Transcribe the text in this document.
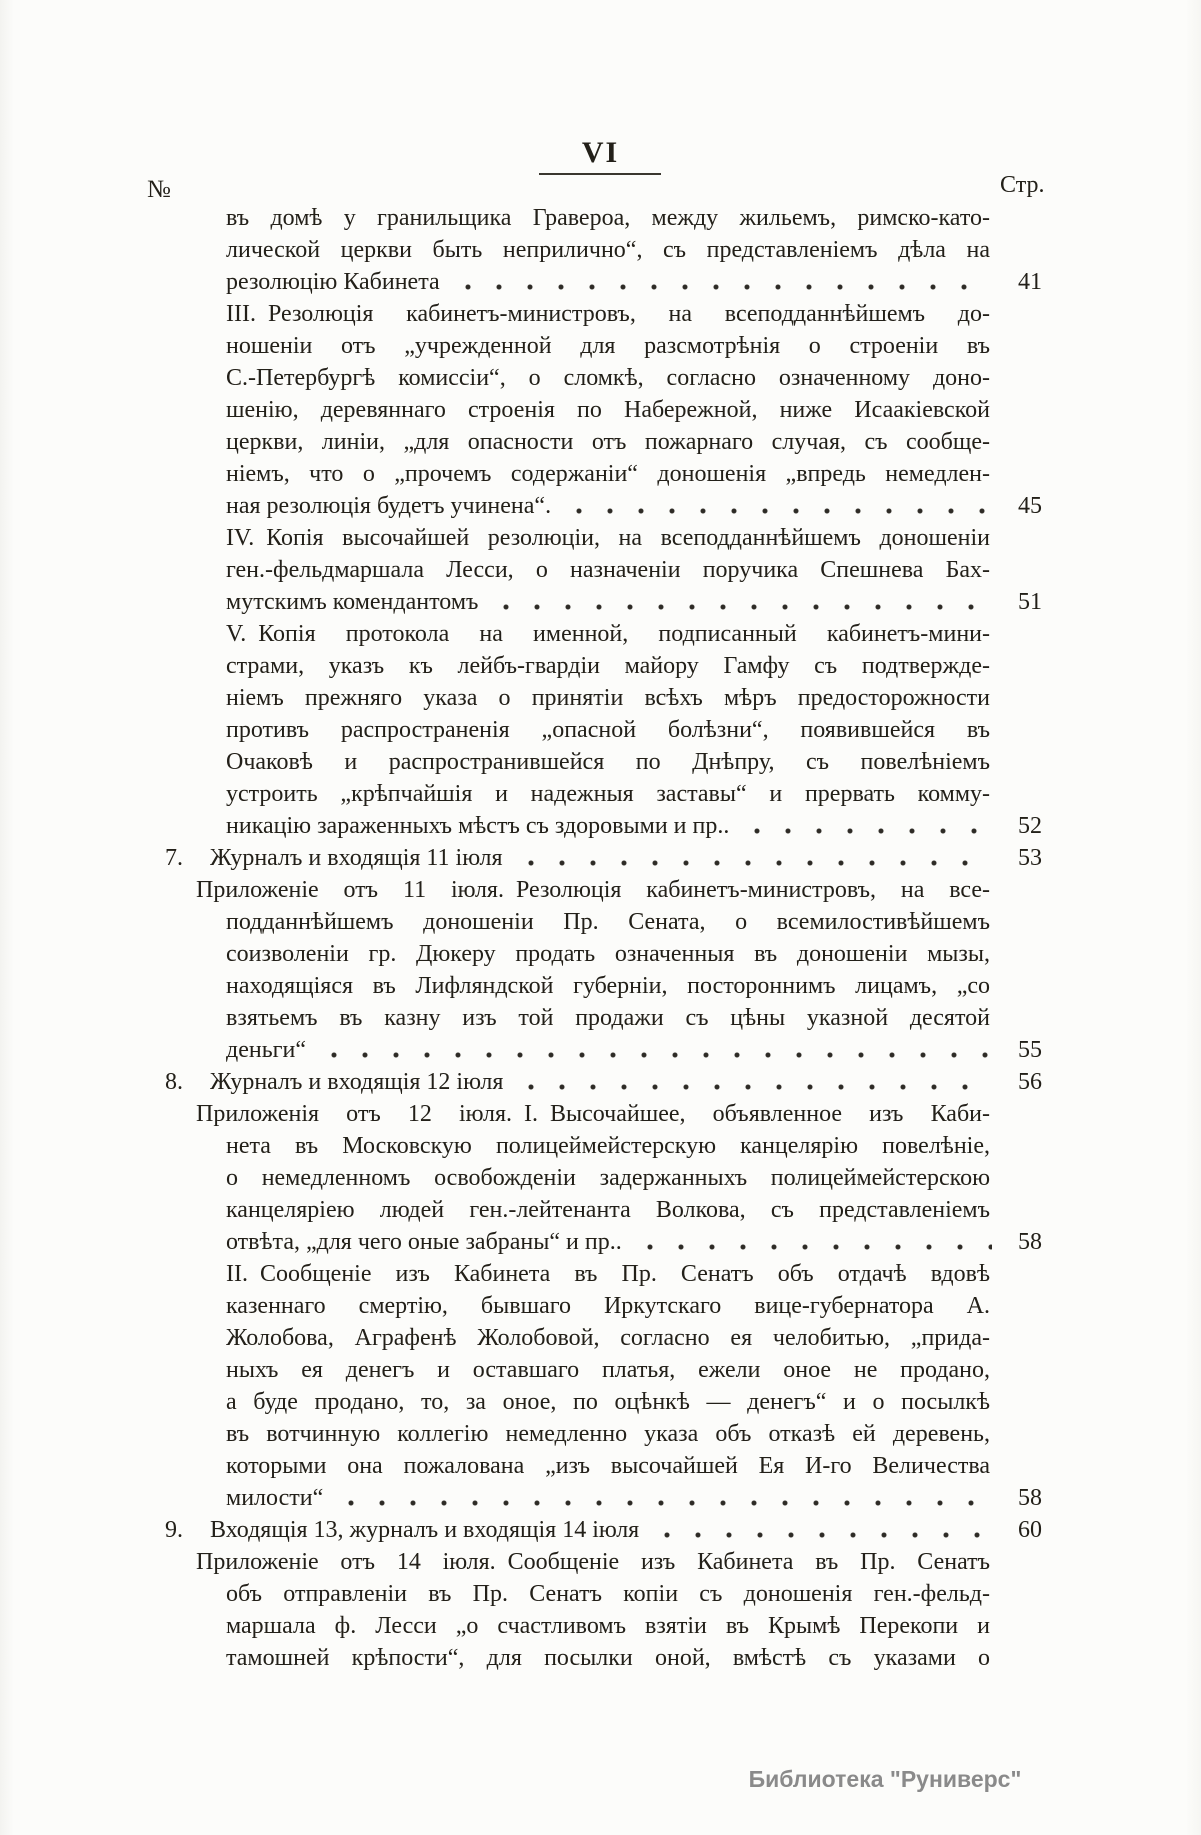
VI
№	Стр.
въ домѣ у гранильщика Гравероа, между жильемъ, римско-като-
лической церкви быть неприлично“, съ представленіемъ дѣла на
резолюцію Кабинета	41
III. Резолюція кабинетъ-министровъ, на всеподданнѣйшемъ до-
ношеніи отъ „учрежденной для разсмотрѣнія о строеніи въ
С.-Петербургѣ комиссіи“, о сломкѣ, согласно означенному доно-
шенію, деревяннаго строенія по Набережной, ниже Исаакіевской
церкви, линіи, „для опасности отъ пожарнаго случая, съ сообще-
ніемъ, что о „прочемъ содержаніи“ доношенія „впредь немедлен-
ная резолюція будетъ учинена“.	45
IV. Копія высочайшей резолюціи, на всеподданнѣйшемъ доношеніи
ген.-фельдмаршала Лесси, о назначеніи поручика Спешнева Бах-
мутскимъ комендантомъ	51
V. Копія протокола на именной, подписанный кабинетъ-мини-
страми, указъ къ лейбъ-гвардіи майору Гамфу съ подтвержде-
ніемъ прежняго указа о принятіи всѣхъ мѣръ предосторожности
противъ распространенія „опасной болѣзни“, появившейся въ
Очаковѣ и распространившейся по Днѣпру, съ повелѣніемъ
устроить „крѣпчайшія и надежныя заставы“ и прервать комму-
никацію зараженныхъ мѣстъ съ здоровыми и пр..	52
7. Журналъ и входящія 11 іюля	53
Приложеніе отъ 11 іюля. Резолюція кабинетъ-министровъ, на все-
подданнѣйшемъ доношеніи Пр. Сената, о всемилостивѣйшемъ
соизволеніи гр. Дюкеру продать означенныя въ доношеніи мызы,
находящіяся въ Лифляндской губерніи, постороннимъ лицамъ, „со
взятьемъ въ казну изъ той продажи съ цѣны указной десятой
деньги“	55
8. Журналъ и входящія 12 іюля	56
Приложенія отъ 12 іюля. I. Высочайшее, объявленное изъ Каби-
нета въ Московскую полицеймейстерскую канцелярію повелѣніе,
о немедленномъ освобожденіи задержанныхъ полицеймейстерскою
канцеляріею людей ген.-лейтенанта Волкова, съ представленіемъ
отвѣта, „для чего оные забраны“ и пр..	58
II. Сообщеніе изъ Кабинета въ Пр. Сенатъ объ отдачѣ вдовѣ
казеннаго смертію, бывшаго Иркутскаго вице-губернатора А.
Жолобова, Аграфенѣ Жолобовой, согласно ея челобитью, „прида-
ныхъ ея денегъ и оставшаго платья, ежели оное не продано,
а буде продано, то, за оное, по оцѣнкѣ — денегъ“ и о посылкѣ
въ вотчинную коллегію немедленно указа объ отказѣ ей деревень,
которыми она пожалована „изъ высочайшей Ея И-го Величества
милости“	58
9. Входящія 13, журналъ и входящія 14 іюля	60
Приложеніе отъ 14 іюля. Сообщеніе изъ Кабинета въ Пр. Сенатъ
объ отправленіи въ Пр. Сенатъ копіи съ доношенія ген.-фельд-
маршала ф. Лесси „о счастливомъ взятіи въ Крымѣ Перекопи и
тамошней крѣпости“, для посылки оной, вмѣстѣ съ указами о
Библиотека "Руниверс"
